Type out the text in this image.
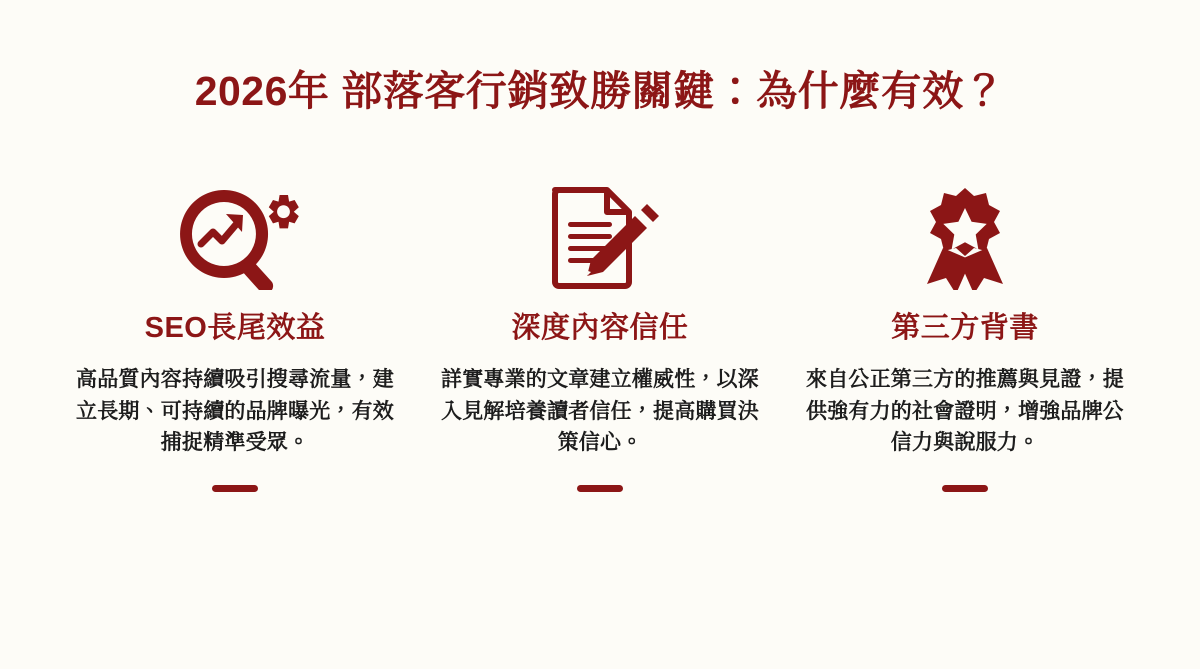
2026年 部落客行銷致勝關鍵：為什麼有效？
SEO長尾效益
高品質內容持續吸引搜尋流量，建立長期、可持續的品牌曝光，有效捕捉精準受眾。
深度內容信任
詳實專業的文章建立權威性，以深入見解培養讀者信任，提高購買決策信心。
第三方背書
來自公正第三方的推薦與見證，提供強有力的社會證明，增強品牌公信力與說服力。
